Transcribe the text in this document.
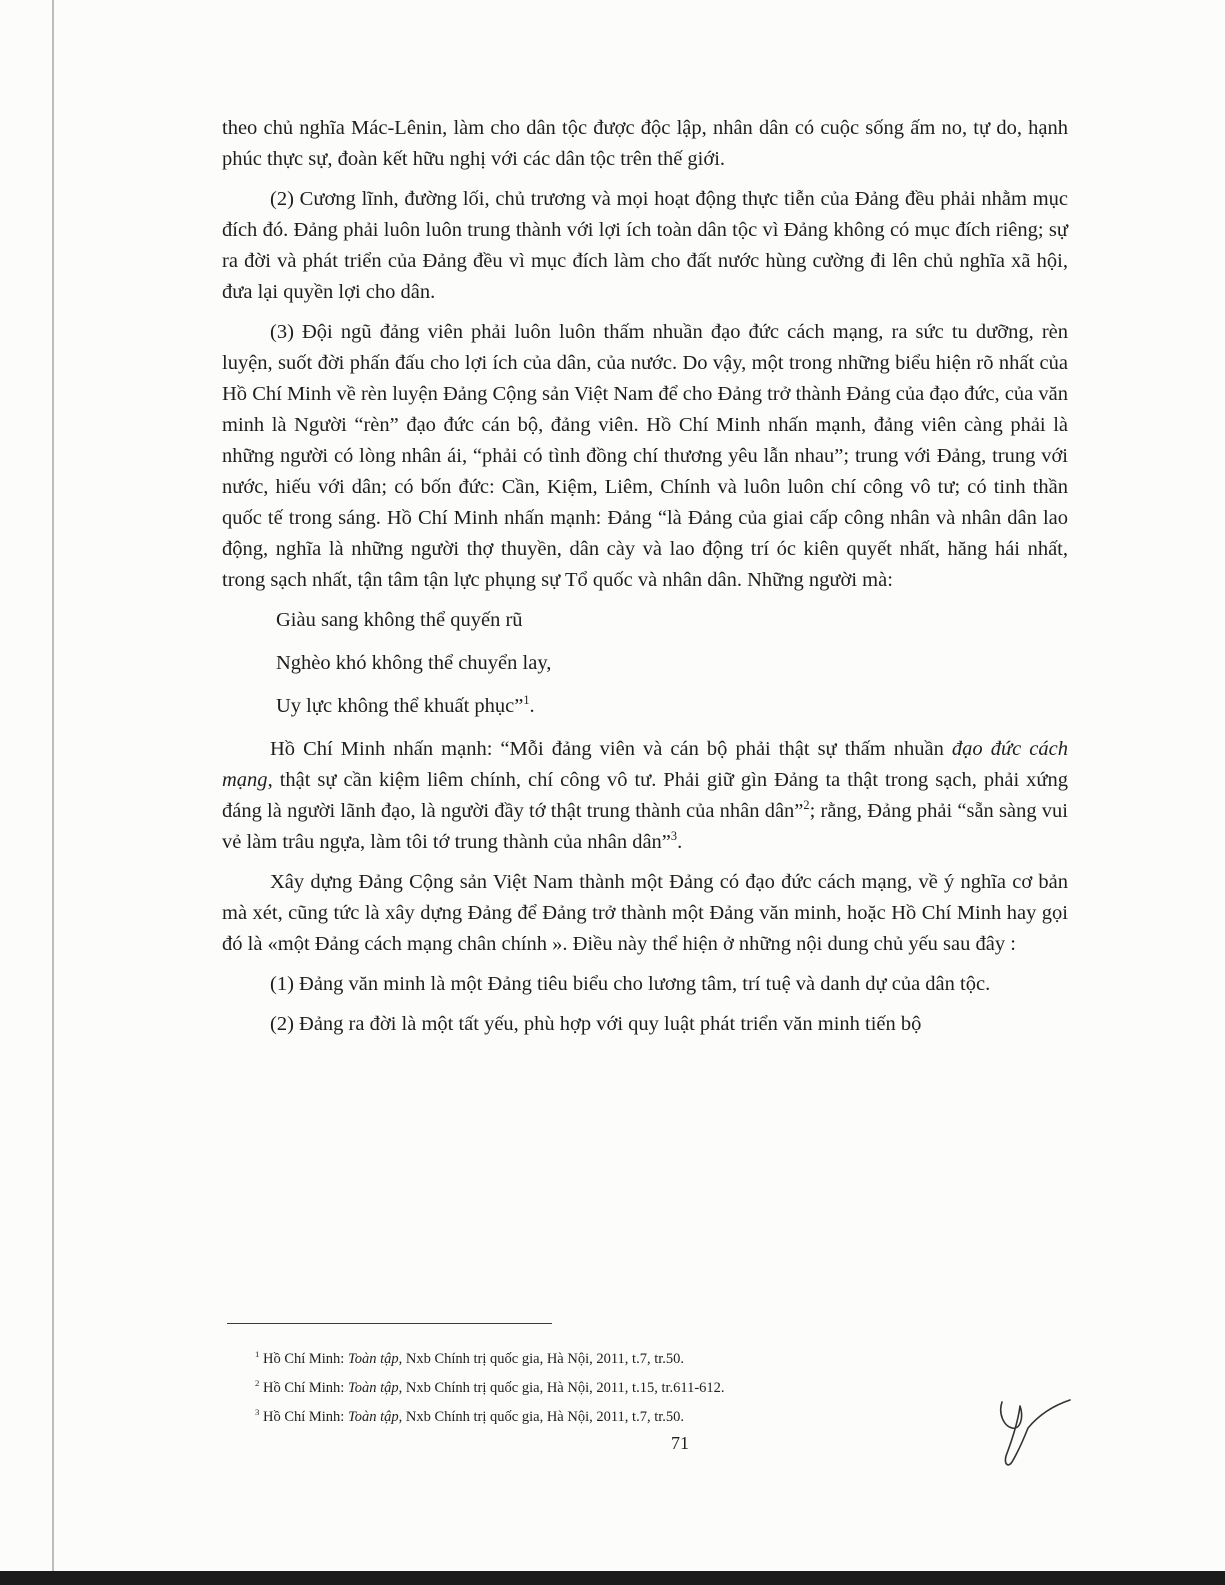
theo chủ nghĩa Mác-Lênin, làm cho dân tộc được độc lập, nhân dân có cuộc sống ấm no, tự do, hạnh phúc thực sự, đoàn kết hữu nghị với các dân tộc trên thế giới.

(2) Cương lĩnh, đường lối, chủ trương và mọi hoạt động thực tiễn của Đảng đều phải nhằm mục đích đó. Đảng phải luôn luôn trung thành với lợi ích toàn dân tộc vì Đảng không có mục đích riêng; sự ra đời và phát triển của Đảng đều vì mục đích làm cho đất nước hùng cường đi lên chủ nghĩa xã hội, đưa lại quyền lợi cho dân.

(3) Đội ngũ đảng viên phải luôn luôn thấm nhuần đạo đức cách mạng, ra sức tu dưỡng, rèn luyện, suốt đời phấn đấu cho lợi ích của dân, của nước. Do vậy, một trong những biểu hiện rõ nhất của Hồ Chí Minh về rèn luyện Đảng Cộng sản Việt Nam để cho Đảng trở thành Đảng của đạo đức, của văn minh là Người “rèn” đạo đức cán bộ, đảng viên. Hồ Chí Minh nhấn mạnh, đảng viên càng phải là những người có lòng nhân ái, “phải có tình đồng chí thương yêu lẫn nhau”; trung với Đảng, trung với nước, hiếu với dân; có bốn đức: Cần, Kiệm, Liêm, Chính và luôn luôn chí công vô tư; có tinh thần quốc tế trong sáng. Hồ Chí Minh nhấn mạnh: Đảng “là Đảng của giai cấp công nhân và nhân dân lao động, nghĩa là những người thợ thuyền, dân cày và lao động trí óc kiên quyết nhất, hăng hái nhất, trong sạch nhất, tận tâm tận lực phụng sự Tổ quốc và nhân dân. Những người mà:

Giàu sang không thể quyến rũ

Nghèo khó không thể chuyển lay,

Uy lực không thể khuất phục”$^1$.

Hồ Chí Minh nhấn mạnh: “Mỗi đảng viên và cán bộ phải thật sự thấm nhuần đạo đức cách mạng, thật sự cần kiệm liêm chính, chí công vô tư. Phải giữ gìn Đảng ta thật trong sạch, phải xứng đáng là người lãnh đạo, là người đầy tớ thật trung thành của nhân dân”$^2$; rằng, Đảng phải “sẵn sàng vui vẻ làm trâu ngựa, làm tôi tớ trung thành của nhân dân”$^3$.

Xây dựng Đảng Cộng sản Việt Nam thành một Đảng có đạo đức cách mạng, về ý nghĩa cơ bản mà xét, cũng tức là xây dựng Đảng để Đảng trở thành một Đảng văn minh, hoặc Hồ Chí Minh hay gọi đó là «một Đảng cách mạng chân chính ». Điều này thể hiện ở những nội dung chủ yếu sau đây :

(1) Đảng văn minh là một Đảng tiêu biểu cho lương tâm, trí tuệ và danh dự của dân tộc.

(2) Đảng ra đời là một tất yếu, phù hợp với quy luật phát triển văn minh tiến bộ

$^1$ Hồ Chí Minh: Toàn tập, Nxb Chính trị quốc gia, Hà Nội, 2011, t.7, tr.50.

$^2$ Hồ Chí Minh: Toàn tập, Nxb Chính trị quốc gia, Hà Nội, 2011, t.15, tr.611-612.

$^3$ Hồ Chí Minh: Toàn tập, Nxb Chính trị quốc gia, Hà Nội, 2011, t.7, tr.50.

71
